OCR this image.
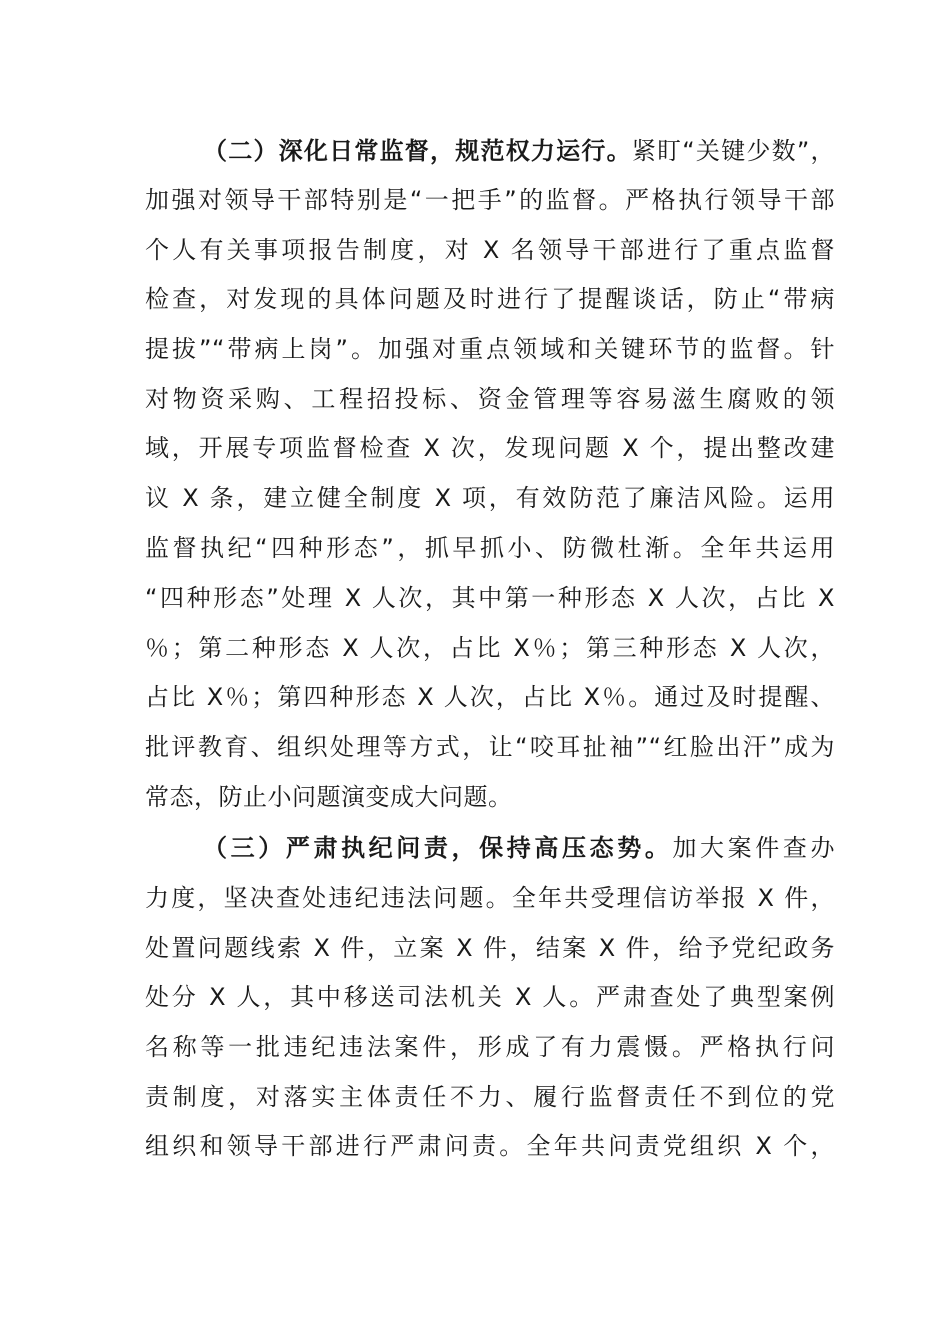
（二）深化日常监督，规范权力运行。紧盯“关键少数”，
加强对领导干部特别是“一把手”的监督。严格执行领导干部
个人有关事项报告制度，对 X 名领导干部进行了重点监督
检查，对发现的具体问题及时进行了提醒谈话，防止“带病
提拔”“带病上岗”。加强对重点领域和关键环节的监督。针
对物资采购、工程招投标、资金管理等容易滋生腐败的领
域，开展专项监督检查 X 次，发现问题 X 个，提出整改建
议 X 条，建立健全制度 X 项，有效防范了廉洁风险。运用
监督执纪“四种形态”，抓早抓小、防微杜渐。全年共运用
“四种形态”处理 X 人次，其中第一种形态 X 人次，占比 X
％；第二种形态 X 人次，占比 X％；第三种形态 X 人次，
占比 X％；第四种形态 X 人次，占比 X％。通过及时提醒、
批评教育、组织处理等方式，让“咬耳扯袖”“红脸出汗”成为
常态，防止小问题演变成大问题。
（三）严肃执纪问责，保持高压态势。加大案件查办
力度，坚决查处违纪违法问题。全年共受理信访举报 X 件，
处置问题线索 X 件，立案 X 件，结案 X 件，给予党纪政务
处分 X 人，其中移送司法机关 X 人。严肃查处了典型案例
名称等一批违纪违法案件，形成了有力震慑。严格执行问
责制度，对落实主体责任不力、履行监督责任不到位的党
组织和领导干部进行严肃问责。全年共问责党组织 X 个，
